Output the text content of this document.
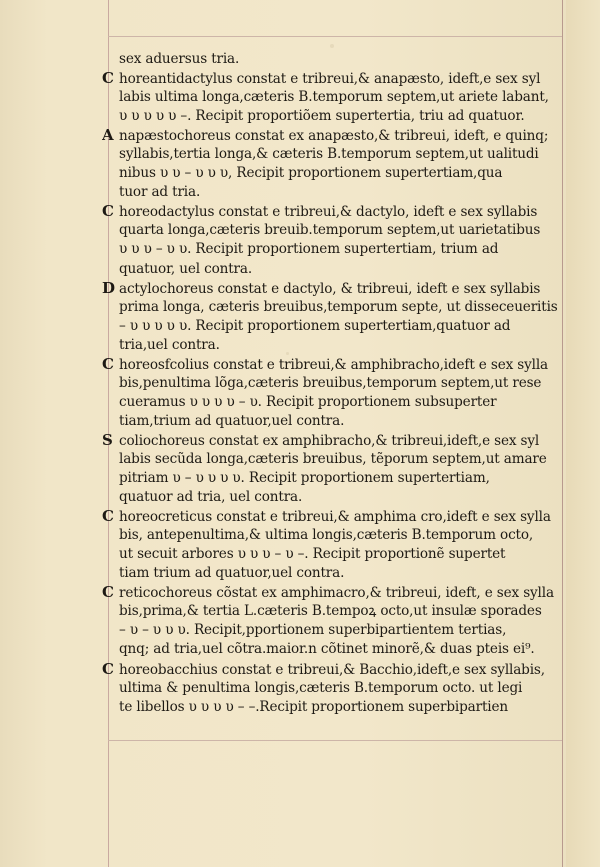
sex aduersus tria.
C horeantidactylus constat e tribreui,& anapæsto, ideft,e sex syl
labis ultima longa,cæteris B.temporum septem,ut ariete labant,
υ υ υ υ υ –. Recipit proportiõem supertertia, triu ad quatuor.
A napæstochoreus constat ex anapæsto,& tribreui, ideft, e quinq;
syllabis,tertia longa,& cæteris B.temporum septem,ut ualitudi
nibus υ υ – υ υ υ, Recipit proportionem supertertiam,qua
tuor ad tria.
C horeodactylus constat e tribreui,& dactylo, ideft e sex syllabis
quarta longa,cæteris breuib.temporum septem,ut uarietatibus
υ υ υ – υ υ. Recipit proportionem supertertiam, trium ad
quatuor, uel contra.
D actylochoreus constat e dactylo, & tribreui, ideft e sex syllabis
prima longa, cæteris breuibus,temporum septe, ut disseceueritis
– υ υ υ υ υ. Recipit proportionem supertertiam,quatuor ad
tria,uel contra.
C horeosfcolius constat e tribreui,& amphibracho,ideft e sex sylla
bis,penultima lõga,cæteris breuibus,temporum septem,ut rese
cueramus υ υ υ υ – υ. Recipit proportionem subsuperter
tiam,trium ad quatuor,uel contra.
S coliochoreus constat ex amphibracho,& tribreui,ideft,e sex syl
labis secũda longa,cæteris breuibus, tẽporum septem,ut amare
pitriam υ – υ υ υ υ. Recipit proportionem supertertiam,
quatuor ad tria, uel contra.
C horeocreticus constat e tribreui,& amphima cro,ideft e sex sylla
bis, antepenultima,& ultima longis,cæteris B.temporum octo,
ut secuit arbores υ υ υ – υ –. Recipit proportionẽ supertet
tiam trium ad quatuor,uel contra.
C reticochoreus cõstat ex amphimacro,& tribreui, ideft, e sex sylla
bis,prima,& tertia L.cæteris B.tempoꝝ octo,ut insulæ sporades
– υ – υ υ υ. Recipit,pportionem superbipartientem tertias,
qnq; ad tria,uel cõtra.maior.n cõtinet minorẽ,& duas pteis ei⁹.
C horeobacchius constat e tribreui,& Bacchio,ideft,e sex syllabis,
ultima & penultima longis,cæteris B.temporum octo. ut legi
te libellos υ υ υ υ – –.Recipit proportionem superbipartien
